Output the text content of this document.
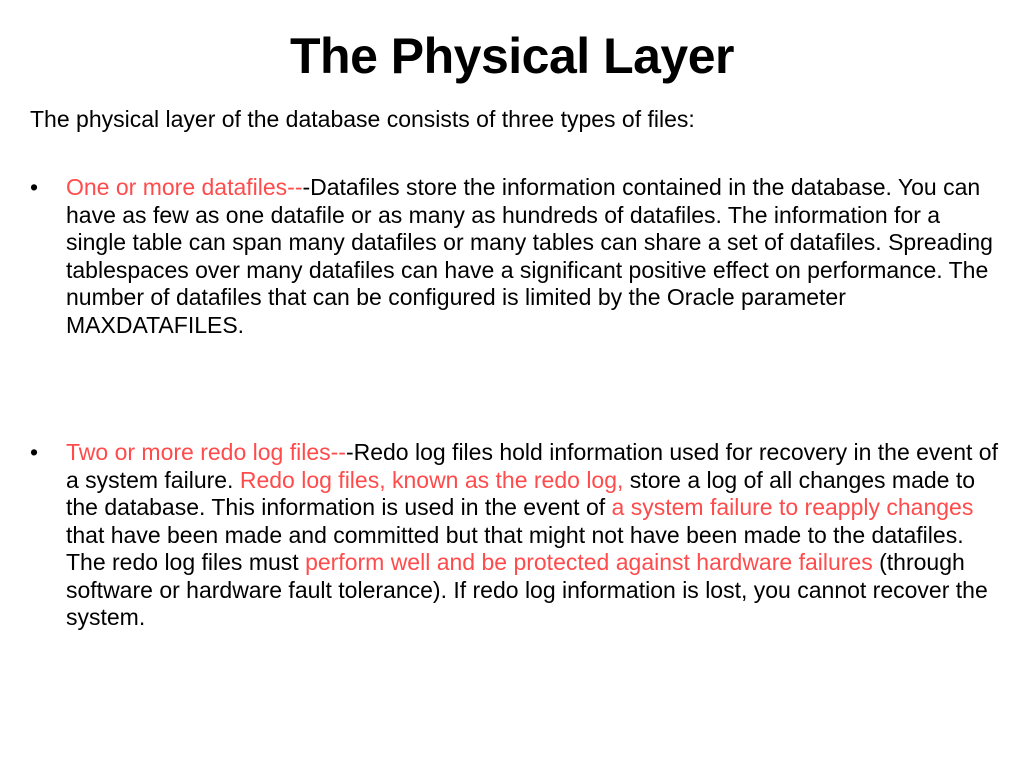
The Physical Layer
The physical layer of the database consists of three types of files:
•	One or more datafiles---Datafiles store the information contained in the database. You can have as few as one datafile or as many as hundreds of datafiles. The information for a single table can span many datafiles or many tables can share a set of datafiles. Spreading tablespaces over many datafiles can have a significant positive effect on performance. The number of datafiles that can be configured is limited by the Oracle parameter MAXDATAFILES.
•	Two or more redo log files---Redo log files hold information used for recovery in the event of a system failure. Redo log files, known as the redo log, store a log of all changes made to the database. This information is used in the event of a system failure to reapply changes that have been made and committed but that might not have been made to the datafiles. The redo log files must perform well and be protected against hardware failures (through software or hardware fault tolerance). If redo log information is lost, you cannot recover the system.
